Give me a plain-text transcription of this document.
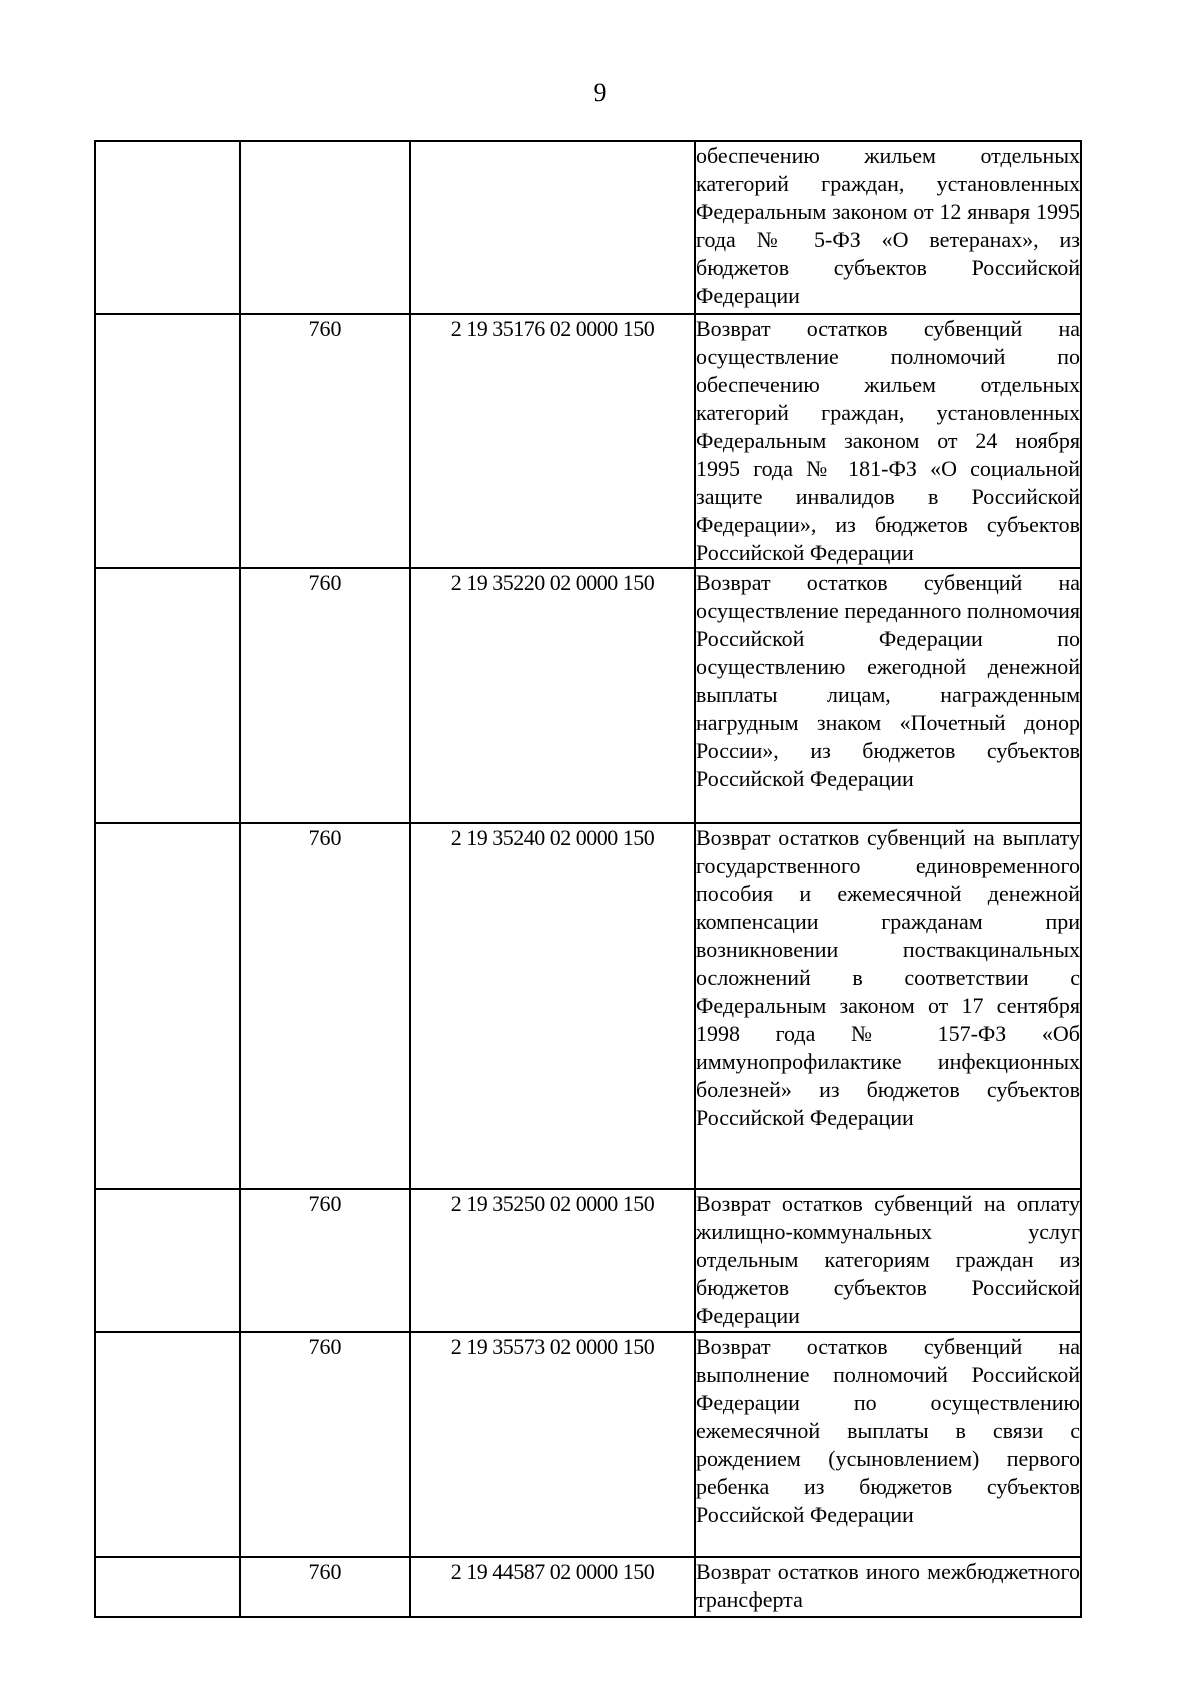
9
			обеспечению жильем отдельных категорий граждан, установленных Федеральным законом от 12 января 1995 года № 5-ФЗ «О ветеранах», из бюджетов субъектов Российской Федерации
	760	2 19 35176 02 0000 150	Возврат остатков субвенций на осуществление полномочий по обеспечению жильем отдельных категорий граждан, установленных Федеральным законом от 24 ноября 1995 года № 181-ФЗ «О социальной защите инвалидов в Российской Федерации», из бюджетов субъектов Российской Федерации
	760	2 19 35220 02 0000 150	Возврат остатков субвенций на осуществление переданного полномочия Российской Федерации по осуществлению ежегодной денежной выплаты лицам, награжденным нагрудным знаком «Почетный донор России», из бюджетов субъектов Российской Федерации
	760	2 19 35240 02 0000 150	Возврат остатков субвенций на выплату государственного единовременного пособия и ежемесячной денежной компенсации гражданам при возникновении поствакцинальных осложнений в соответствии с Федеральным законом от 17 сентября 1998 года № 157-ФЗ «Об иммунопрофилактике инфекционных болезней» из бюджетов субъектов Российской Федерации
	760	2 19 35250 02 0000 150	Возврат остатков субвенций на оплату жилищно-коммунальных услуг отдельным категориям граждан из бюджетов субъектов Российской Федерации
	760	2 19 35573 02 0000 150	Возврат остатков субвенций на выполнение полномочий Российской Федерации по осуществлению ежемесячной выплаты в связи с рождением (усыновлением) первого ребенка из бюджетов субъектов Российской Федерации
	760	2 19 44587 02 0000 150	Возврат остатков иного межбюджетного трансферта
